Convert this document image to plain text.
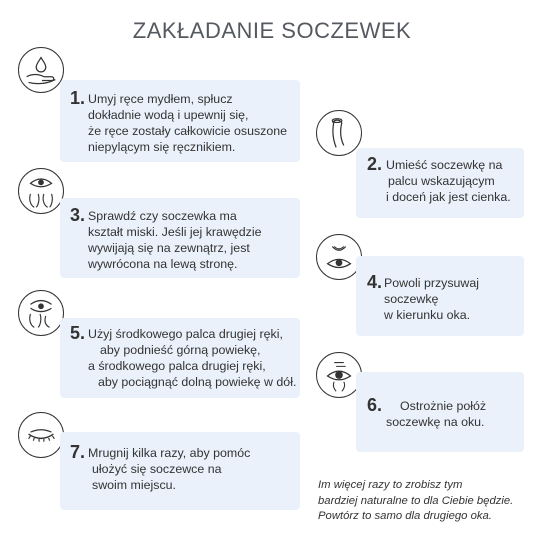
ZAKŁADANIE SOCZEWEK
1. Umyj ręce mydłem, spłucz
dokładnie wodą i upewnij się,
że ręce zostały całkowicie osuszone
niepylącym się ręcznikiem.
2. Umieść soczewkę na
palcu wskazującym
i doceń jak jest cienka.
3. Sprawdź czy soczewka ma
kształt miski. Jeśli jej krawędzie
wywijają się na zewnątrz, jest
wywrócona na lewą stronę.
4. Powoli przysuwaj
soczewkę
w kierunku oka.
5. Użyj środkowego palca drugiej ręki,
aby podnieść górną powiekę,
a środkowego palca drugiej ręki,
aby pociągnąć dolną powiekę w dół.
6.	Ostrożnie połóż
soczewkę na oku.
7. Mrugnij kilka razy, aby pomóc
ułożyć się soczewce na
swoim miejscu.	Im więcej razy to zrobisz tym
bardziej naturalne to dla Ciebie będzie.
Powtórz to samo dla drugiego oka.
